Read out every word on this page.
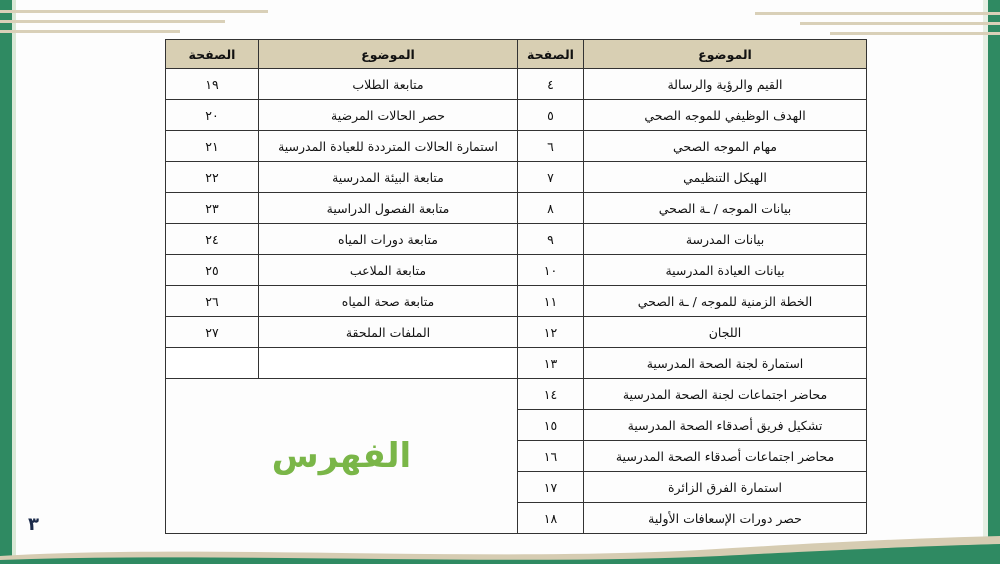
الموضوع	الصفحة	الموضوع	الصفحة
القيم والرؤية والرسالة	٤	متابعة الطلاب	١٩
الهدف الوظيفي للموجه الصحي	٥	حصر الحالات المرضية	٢٠
مهام الموجه الصحي	٦	استمارة الحالات المترددة للعيادة المدرسية	٢١
الهيكل التنظيمي	٧	متابعة البيئة المدرسية	٢٢
بيانات الموجه / ـة الصحي	٨	متابعة الفصول الدراسية	٢٣
بيانات المدرسة	٩	متابعة دورات المياه	٢٤
بيانات العيادة المدرسية	١٠	متابعة الملاعب	٢٥
الخطة الزمنية للموجه / ـة الصحي	١١	متابعة صحة المياه	٢٦
اللجان	١٢	الملفات الملحقة	٢٧
استمارة لجنة الصحة المدرسية	١٣		
محاضر اجتماعات لجنة الصحة المدرسية	١٤	الفهرس	
تشكيل فريق أصدقاء الصحة المدرسية	١٥		
محاضر اجتماعات أصدقاء الصحة المدرسية	١٦		
استمارة الفرق الزائرة	١٧		
حصر دورات الإسعافات الأولية	١٨		
٣
